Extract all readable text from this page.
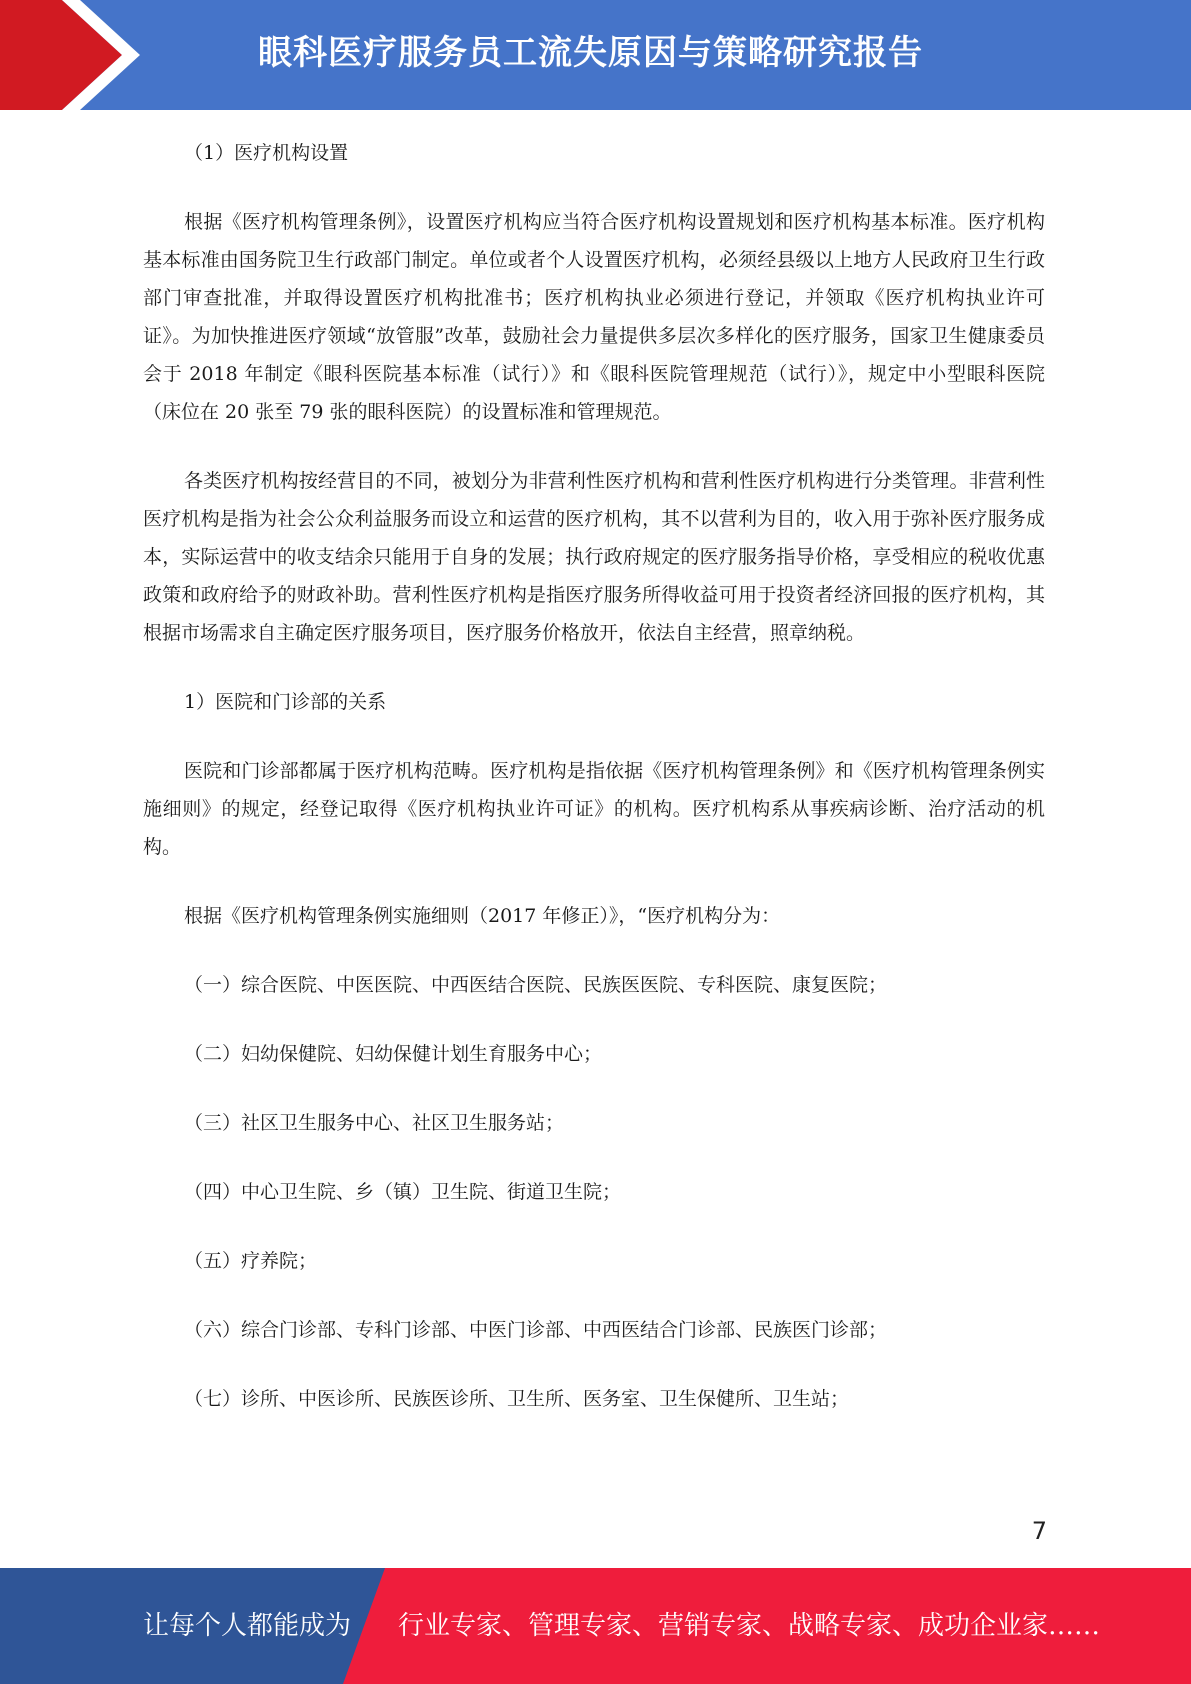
眼科医疗服务员工流失原因与策略研究报告

（1）医疗机构设置

根据《医疗机构管理条例》，设置医疗机构应当符合医疗机构设置规划和医疗机构基本标准。医疗机构基本标准由国务院卫生行政部门制定。单位或者个人设置医疗机构，必须经县级以上地方人民政府卫生行政部门审查批准，并取得设置医疗机构批准书；医疗机构执业必须进行登记，并领取《医疗机构执业许可证》。为加快推进医疗领域“放管服”改革，鼓励社会力量提供多层次多样化的医疗服务，国家卫生健康委员会于 2018 年制定《眼科医院基本标准（试行）》和《眼科医院管理规范（试行）》，规定中小型眼科医院（床位在 20 张至 79 张的眼科医院）的设置标准和管理规范。

各类医疗机构按经营目的不同，被划分为非营利性医疗机构和营利性医疗机构进行分类管理。非营利性医疗机构是指为社会公众利益服务而设立和运营的医疗机构，其不以营利为目的，收入用于弥补医疗服务成本，实际运营中的收支结余只能用于自身的发展；执行政府规定的医疗服务指导价格，享受相应的税收优惠政策和政府给予的财政补助。营利性医疗机构是指医疗服务所得收益可用于投资者经济回报的医疗机构，其根据市场需求自主确定医疗服务项目，医疗服务价格放开，依法自主经营，照章纳税。

1）医院和门诊部的关系

医院和门诊部都属于医疗机构范畴。医疗机构是指依据《医疗机构管理条例》和《医疗机构管理条例实施细则》的规定，经登记取得《医疗机构执业许可证》的机构。医疗机构系从事疾病诊断、治疗活动的机构。

根据《医疗机构管理条例实施细则（2017 年修正）》，“医疗机构分为：

（一）综合医院、中医医院、中西医结合医院、民族医医院、专科医院、康复医院；

（二）妇幼保健院、妇幼保健计划生育服务中心；

（三）社区卫生服务中心、社区卫生服务站；

（四）中心卫生院、乡（镇）卫生院、街道卫生院；

（五）疗养院；

（六）综合门诊部、专科门诊部、中医门诊部、中西医结合门诊部、民族医门诊部；

（七）诊所、中医诊所、民族医诊所、卫生所、医务室、卫生保健所、卫生站；

7
让每个人都能成为 行业专家、管理专家、营销专家、战略专家、成功企业家……
